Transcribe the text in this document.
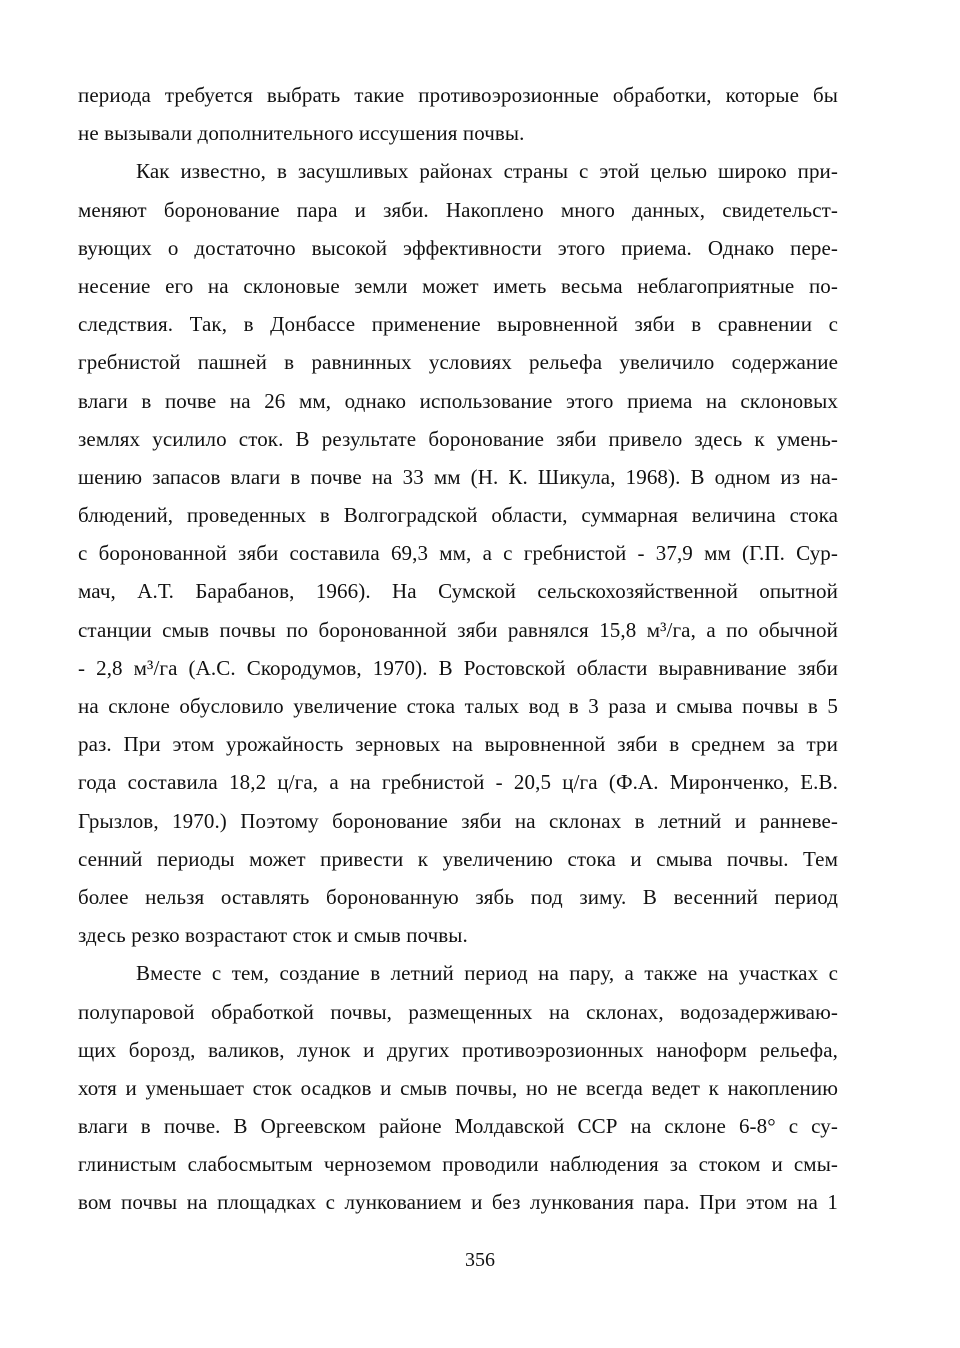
периода требуется выбрать такие противоэрозионные обработки, которые бы
не вызывали дополнительного иссушения почвы.
Как известно, в засушливых районах страны с этой целью широко при-
меняют боронование пара и зяби. Накоплено много данных, свидетельст-
вующих о достаточно высокой эффективности этого приема. Однако пере-
несение его на склоновые земли может иметь весьма неблагоприятные по-
следствия. Так, в Донбассе применение выровненной зяби в сравнении с
гребнистой пашней в равнинных условиях рельефа увеличило содержание
влаги в почве на 26 мм, однако использование этого приема на склоновых
землях усилило сток. В результате боронование зяби привело здесь к умень-
шению запасов влаги в почве на 33 мм (Н. К. Шикула, 1968). В одном из на-
блюдений, проведенных в Волгоградской области, суммарная величина стока
с боронованной зяби составила 69,3 мм, а с гребнистой - 37,9 мм (Г.П. Сур-
мач, А.Т. Барабанов, 1966). На Сумской сельскохозяйственной опытной
станции смыв почвы по боронованной зяби равнялся 15,8 м³/га, а по обычной
- 2,8 м³/га (А.С. Скородумов, 1970). В Ростовской области выравнивание зяби
на склоне обусловило увеличение стока талых вод в 3 раза и смыва почвы в 5
раз. При этом урожайность зерновых на выровненной зяби в среднем за три
года составила 18,2 ц/га, а на гребнистой - 20,5 ц/га (Ф.А. Миронченко, Е.В.
Грызлов, 1970.) Поэтому боронование зяби на склонах в летний и ранневе-
сенний периоды может привести к увеличению стока и смыва почвы. Тем
более нельзя оставлять боронованную зябь под зиму. В весенний период
здесь резко возрастают сток и смыв почвы.
Вместе с тем, создание в летний период на пару, а также на участках с
полупаровой обработкой почвы, размещенных на склонах, водозадерживаю-
щих борозд, валиков, лунок и других противоэрозионных наноформ рельефа,
хотя и уменьшает сток осадков и смыв почвы, но не всегда ведет к накоплению
влаги в почве. В Оргеевском районе Молдавской ССР на склоне 6-8° с су-
глинистым слабосмытым черноземом проводили наблюдения за стоком и смы-
вом почвы на площадках с лункованием и без лункования пара. При этом на 1
356
